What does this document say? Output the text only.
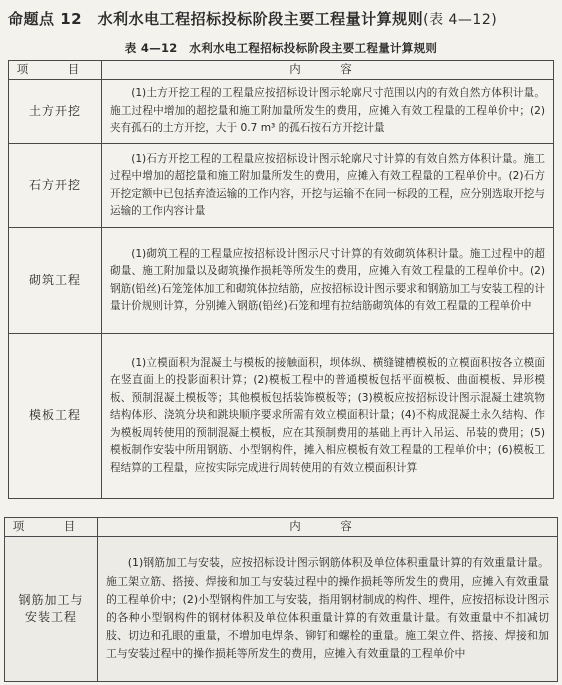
命题点 12　水利水电工程招标投标阶段主要工程量计算规则(表 4—12)
表 4—12　水利水电工程招标投标阶段主要工程量计算规则
项　目	内　容
土方开挖	(1)土方开挖工程的工程量应按招标设计图示轮廓尺寸范围以内的有效自然方体积计量。施工过程中增加的超挖量和施工附加量所发生的费用，应摊入有效工程量的工程单价中；(2)夹有孤石的土方开挖，大于 0.7 m³ 的孤石按石方开挖计量

石方开挖	(1)石方开挖工程的工程量应按招标设计图示轮廓尺寸计算的有效自然方体积计量。施工过程中增加的超挖量和施工附加量所发生的费用，应摊入有效工程量的工程单价中。(2)石方开挖定额中已包括弃渣运输的工作内容，开挖与运输不在同一标段的工程，应分别选取开挖与运输的工作内容计量

砌筑工程	(1)砌筑工程的工程量应按招标设计图示尺寸计算的有效砌筑体积计量。施工过程中的超砌量、施工附加量以及砌筑操作损耗等所发生的费用，应摊入有效工程量的工程单价中。(2)钢筋(铅丝)石笼笼体加工和砌筑体拉结筋，应按招标设计图示要求和钢筋加工与安装工程的计量计价规则计算，分别摊入钢筋(铅丝)石笼和埋有拉结筋砌筑体的有效工程量的工程单价中

模板工程	(1)立模面积为混凝土与模板的接触面积，坝体纵、横缝键槽模板的立模面积按各立模面在竖直面上的投影面积计算；(2)模板工程中的普通模板包括平面模板、曲面模板、异形模板、预制混凝土模板等；其他模板包括装饰模板等；(3)模板应按招标设计图示混凝土建筑物结构体形、浇筑分块和跳块顺序要求所需有效立模面积计量；(4)不构成混凝土永久结构、作为模板周转使用的预制混凝土模板，应在其预制费用的基础上再计入吊运、吊装的费用；(5)模板制作安装中所用钢筋、小型钢构件，摊入相应模板有效工程量的工程单价中；(6)模板工程结算的工程量，应按实际完成进行周转使用的有效立模面积计算
项　目	内　容

钢筋加工与
安装工程	(1)钢筋加工与安装，应按招标设计图示钢筋体积及单位体积重量计算的有效重量计量。施工架立筋、搭接、焊接和加工与安装过程中的操作损耗等所发生的费用，应摊入有效重量的工程单价中；(2)小型钢构件加工与安装，指用钢材制成的构件、埋件，应按招标设计图示的各种小型钢构件的钢材体积及单位体积重量计算的有效重量计量。有效重量中不扣减切肢、切边和孔眼的重量，不增加电焊条、铆钉和螺栓的重量。施工架立件、搭接、焊接和加工与安装过程中的操作损耗等所发生的费用，应摊入有效重量的工程单价中
